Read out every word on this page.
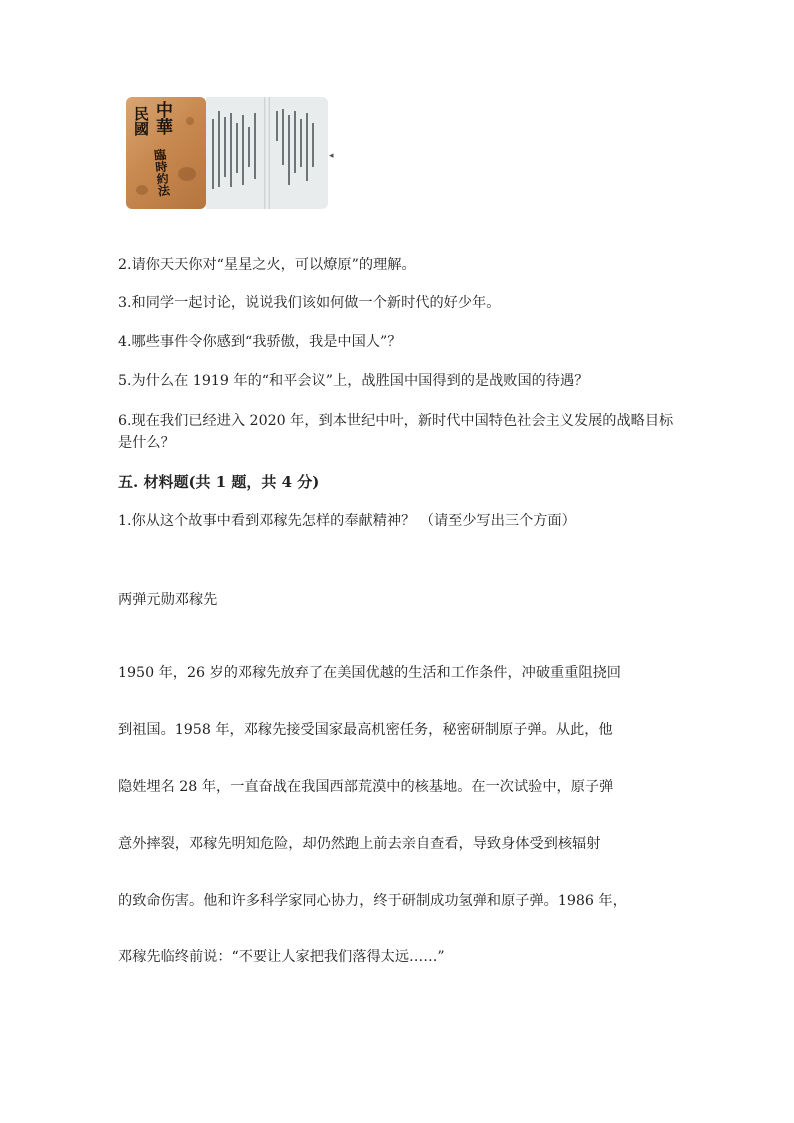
民國
中華
臨時約法
◂
2.请你天天你对“星星之火，可以燎原”的理解。
3.和同学一起讨论，说说我们该如何做一个新时代的好少年。
4.哪些事件令你感到“我骄傲，我是中国人”？
5.为什么在 1919 年的“和平会议”上，战胜国中国得到的是战败国的待遇？
6.现在我们已经进入 2020 年，到本世纪中叶，新时代中国特色社会主义发展的战略目标是什么？
五. 材料题(共 1 题，共 4 分)
1.你从这个故事中看到邓稼先怎样的奉献精神？ （请至少写出三个方面）
两弹元勋邓稼先
1950 年，26 岁的邓稼先放弃了在美国优越的生活和工作条件，冲破重重阻挠回
到祖国。1958 年，邓稼先接受国家最高机密任务，秘密研制原子弹。从此，他
隐姓埋名 28 年，一直奋战在我国西部荒漠中的核基地。在一次试验中，原子弹
意外摔裂，邓稼先明知危险，却仍然跑上前去亲自查看，导致身体受到核辐射
的致命伤害。他和许多科学家同心协力，终于研制成功氢弹和原子弹。1986 年，
邓稼先临终前说：“不要让人家把我们落得太远……”
